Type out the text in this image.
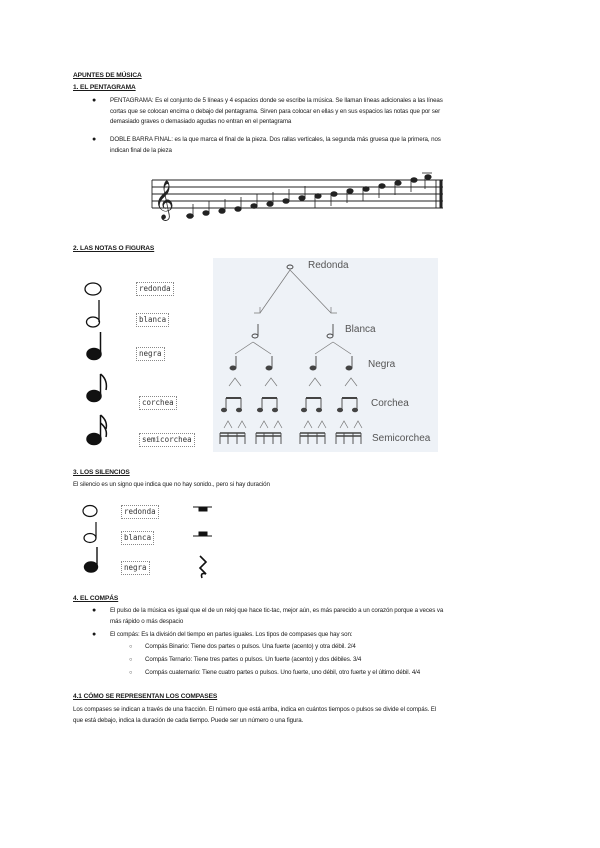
APUNTES DE MÚSICA
1. EL PENTAGRAMA
● PENTAGRAMA: Es el conjunto de 5 líneas y 4 espacios donde se escribe la música. Se llaman líneas adicionales a las líneas
cortas que se colocan encima o debajo del pentagrama. Sirven para colocar en ellas y en sus espacios las notas que por ser
demasiado graves o demasiado agudas no entran en el pentagrama
● DOBLE BARRA FINAL: es la que marca el final de la pieza. Dos rallas verticales, la segunda más gruesa que la primera, nos
indican final de la pieza
𝄞
2. LAS NOTAS O FIGURAS
redonda
blanca
negra
corchea
semicorchea
Redonda
Blanca
Negra
Corchea
Semicorchea
3. LOS SILENCIOS
El silencio es un signo que indica que no hay sonido., pero si hay duración
redonda
blanca
negra
4. EL COMPÁS
● El pulso de la música es igual que el de un reloj que hace tic-tac, mejor aún, es más parecido a un corazón porque a veces va
más rápido o más despacio
● El compás: Es la división del tiempo en partes iguales. Los tipos de compases que hay son:
○ Compás Binario: Tiene dos partes o pulsos. Una fuerte (acento) y otra débil. 2/4
○ Compás Ternario: Tiene tres partes o pulsos. Un fuerte (acento) y dos débiles. 3/4
○ Compás cuaternario: Tiene cuatro partes o pulsos. Uno fuerte, uno débil, otro fuerte y el último débil. 4/4
4.1 CÓMO SE REPRESENTAN LOS COMPASES
Los compases se indican a través de una fracción. El número que está arriba, indica en cuántos tiempos o pulsos se divide el compás. El
que está debajo, indica la duración de cada tiempo. Puede ser un número o una figura.
